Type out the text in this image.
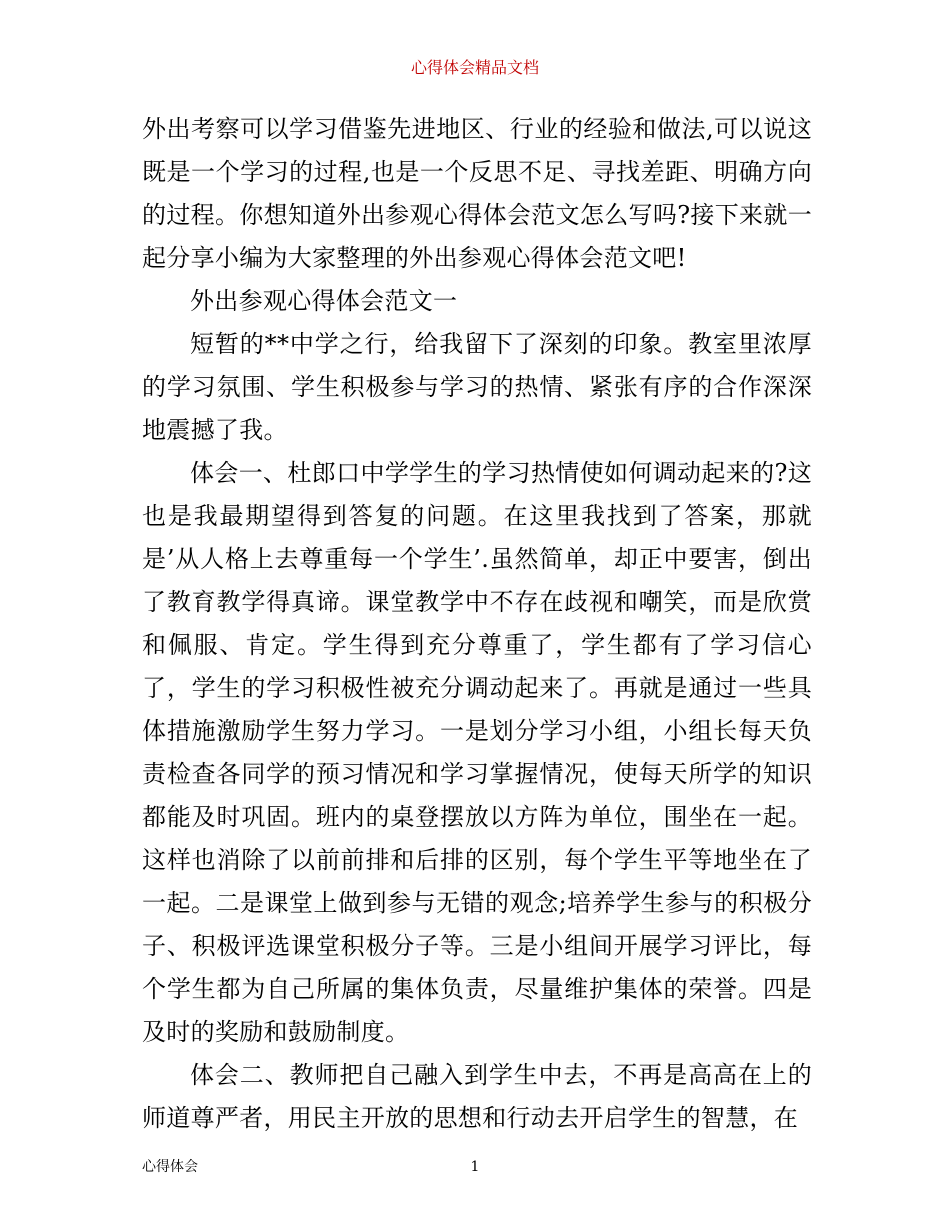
心得体会精品文档

外出考察可以学习借鉴先进地区、行业的经验和做法,可以说这既是一个学习的过程,也是一个反思不足、寻找差距、明确方向的过程。你想知道外出参观心得体会范文怎么写吗?接下来就一起分享小编为大家整理的外出参观心得体会范文吧!

外出参观心得体会范文一

短暂的**中学之行，给我留下了深刻的印象。教室里浓厚的学习氛围、学生积极参与学习的热情、紧张有序的合作深深地震撼了我。

体会一、杜郎口中学学生的学习热情使如何调动起来的?这也是我最期望得到答复的问题。在这里我找到了答案，那就是’从人格上去尊重每一个学生’.虽然简单，却正中要害，倒出了教育教学得真谛。课堂教学中不存在歧视和嘲笑，而是欣赏和佩服、肯定。学生得到充分尊重了，学生都有了学习信心了，学生的学习积极性被充分调动起来了。再就是通过一些具体措施激励学生努力学习。一是划分学习小组，小组长每天负责检查各同学的预习情况和学习掌握情况，使每天所学的知识都能及时巩固。班内的桌登摆放以方阵为单位，围坐在一起。这样也消除了以前前排和后排的区别，每个学生平等地坐在了一起。二是课堂上做到参与无错的观念;培养学生参与的积极分子、积极评选课堂积极分子等。三是小组间开展学习评比，每个学生都为自己所属的集体负责，尽量维护集体的荣誉。四是及时的奖励和鼓励制度。

体会二、教师把自己融入到学生中去，不再是高高在上的师道尊严者，用民主开放的思想和行动去开启学生的智慧，在

心得体会	1
